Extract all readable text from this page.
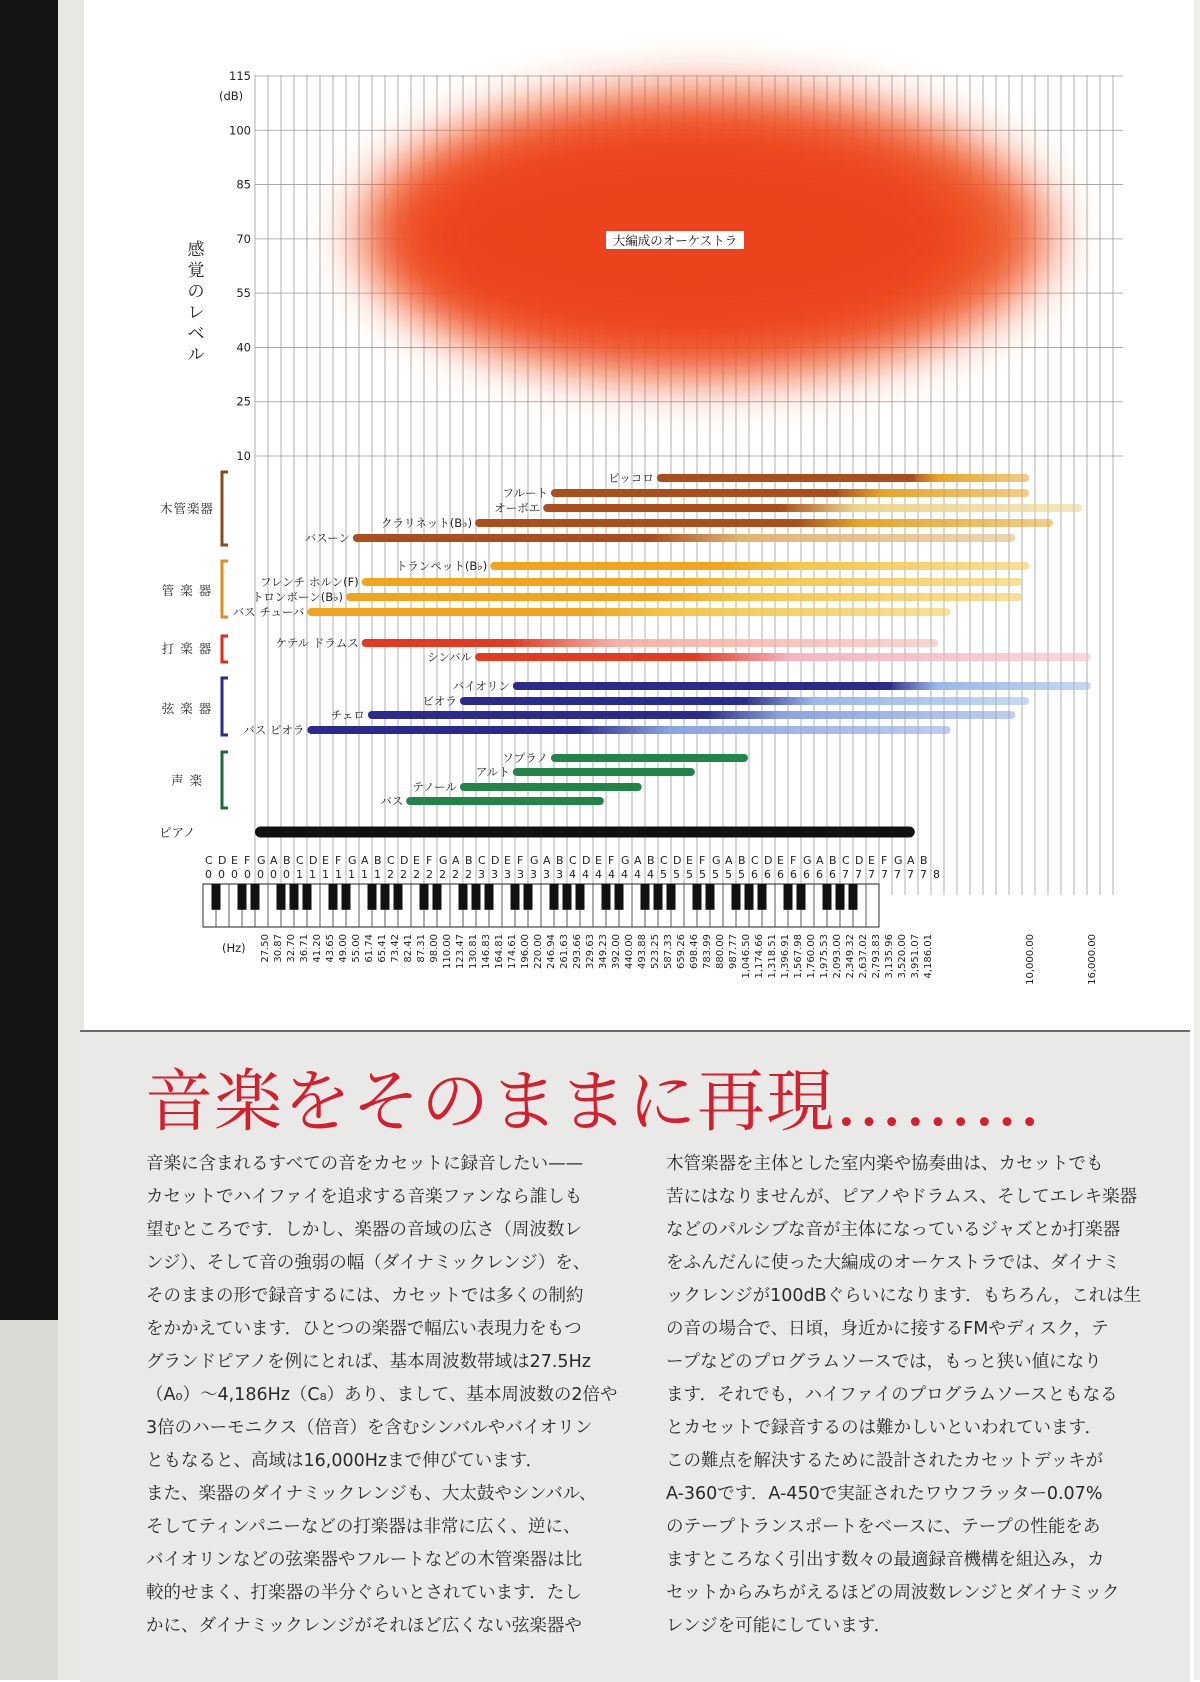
大編成のオーケストラ
115
100
85
70
55
40
25
10
(dB)
感
覚
の
レ
ベ
ル
ピッコロ
フルート
オーボエ
クラリネット(B♭)
バスーン
トランペット(B♭)
フレンチ ホルン(F)
トロンボーン(B♭)
バス チューバ
ケテル ドラムス
シンバル
バイオリン
ビオラ
チェロ
バス ビオラ
ソプラノ
アルト
テノール
バス
木管楽器
管 楽 器
打 楽 器
弦 楽 器
声 楽
ピアノ
C D E F G A B C D E F G A B C D E F G A B C D E F G A B C D E F G A B C D E F G A B C D E F G A B C D E F G A B
0 0 0 0 0 0 0 1 1 1 1 1 1 1 2 2 2 2 2 2 2 3 3 3 3 3 3 3 4 4 4 4 4 4 4 5 5 5 5 5 5 5 6 6 6 6 6 6 6 7 7 7 7 7 7 7 8
(Hz) 27.50 30.87 32.70 36.71 41.20 43.65 49.00 55.00 61.74 65.41 73.42 82.41 87.31 98.00 110.00 123.47 130.81 146.83 164.81 174.61 196.00 220.00 246.94 261.63 293.66 329.63 349.23 392.00 440.00 493.88 523.25 587.33 659.26 698.46 783.99 880.00 987.77 1,046.50 1,174.66 1,318.51 1,396.91 1,567.98 1,760.00 1,975.53 2,093.00 2,349.32 2,637.02 2,793.83 3,135.96 3,520.00 3,951.07 4,186.01	10,000.00	16,000.00
音楽をそのままに再現………

音楽に含まれるすべての音をカセットに録音したい——

カセットでハイファイを追求する音楽ファンなら誰しも

望むところです．しかし、楽器の音域の広さ（周波数レ

ンジ）、そして音の強弱の幅（ダイナミックレンジ）を、

そのままの形で録音するには、カセットでは多くの制約

をかかえています．ひとつの楽器で幅広い表現力をもつ

グランドピアノを例にとれば、基本周波数帯域は27.5Hz

（A₀）〜4,186Hz（C₈）あり、まして、基本周波数の2倍や

3倍のハーモニクス（倍音）を含むシンバルやバイオリン

ともなると、高域は16,000Hzまで伸びています．

また、楽器のダイナミックレンジも、大太鼓やシンバル、

そしてティンパニーなどの打楽器は非常に広く、逆に、

バイオリンなどの弦楽器やフルートなどの木管楽器は比

較的せまく、打楽器の半分ぐらいとされています．たし

かに、ダイナミックレンジがそれほど広くない弦楽器や

木管楽器を主体とした室内楽や協奏曲は、カセットでも

苦にはなりませんが、ピアノやドラムス、そしてエレキ楽器

などのパルシブな音が主体になっているジャズとか打楽器

をふんだんに使った大編成のオーケストラでは、ダイナミ

ックレンジが100dBぐらいになります．もちろん，これは生

の音の場合で、日頃，身近かに接するFMやディスク，テ

ープなどのプログラムソースでは，もっと狭い値になり

ます．それでも，ハイファイのプログラムソースともなる

とカセットで録音するのは難かしいといわれています．

この難点を解決するために設計されたカセットデッキが

A-360です．A-450で実証されたワウフラッター0.07%

のテープトランスポートをベースに、テープの性能をあ

ますところなく引出す数々の最適録音機構を組込み，カ

セットからみちがえるほどの周波数レンジとダイナミック

レンジを可能にしています．
